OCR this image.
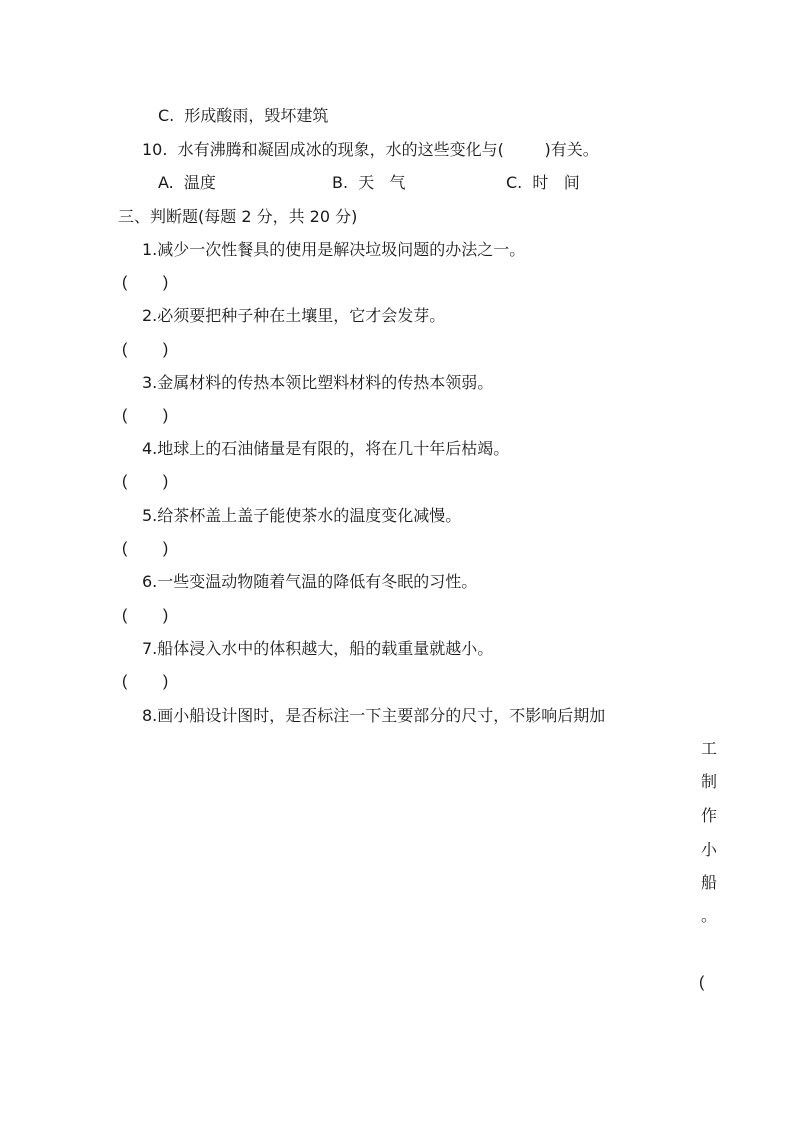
C.  形成酸雨，毁坏建筑
10.  水有沸腾和凝固成冰的现象，水的这些变化与(        )有关。
A.  温度	B.  天   气	C.  时   间
三、判断题(每题 2 分，共 20 分)
1.减少一次性餐具的使用是解决垃圾问题的办法之一。
(        )
2.必须要把种子种在土壤里，它才会发芽。
(        )
3.金属材料的传热本领比塑料材料的传热本领弱。
(        )
4.地球上的石油储量是有限的，将在几十年后枯竭。
(        )
5.给茶杯盖上盖子能使茶水的温度变化减慢。
(        )
6.一些变温动物随着气温的降低有冬眠的习性。
(        )
7.船体浸入水中的体积越大，船的载重量就越小。
(        )
8.画小船设计图时，是否标注一下主要部分的尺寸，不影响后期加
工
制
作
小
船
。
(
